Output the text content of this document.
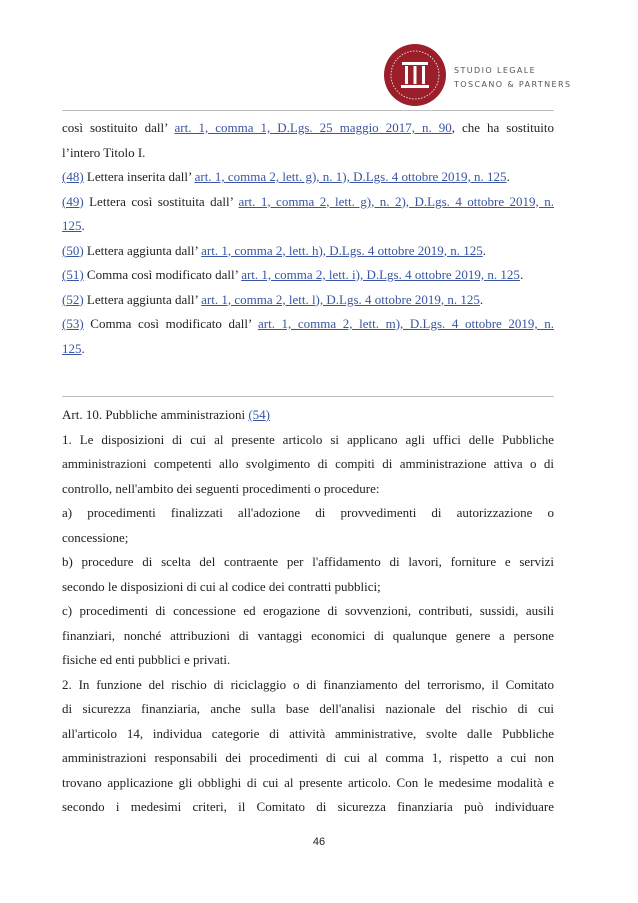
STUDIO LEGALE
TOSCANO & PARTNERS
così sostituito dall’ art. 1, comma 1, D.Lgs. 25 maggio 2017, n. 90, che ha sostituito
l’intero Titolo I.
(48) Lettera inserita dall’ art. 1, comma 2, lett. g), n. 1), D.Lgs. 4 ottobre 2019, n. 125.
(49) Lettera così sostituita dall’ art. 1, comma 2, lett. g), n. 2), D.Lgs. 4 ottobre 2019, n.
125.
(50) Lettera aggiunta dall’ art. 1, comma 2, lett. h), D.Lgs. 4 ottobre 2019, n. 125.
(51) Comma così modificato dall’ art. 1, comma 2, lett. i), D.Lgs. 4 ottobre 2019, n. 125.
(52) Lettera aggiunta dall’ art. 1, comma 2, lett. l), D.Lgs. 4 ottobre 2019, n. 125.
(53) Comma così modificato dall’ art. 1, comma 2, lett. m), D.Lgs. 4 ottobre 2019, n.
125.
Art. 10. Pubbliche amministrazioni (54)
1. Le disposizioni di cui al presente articolo si applicano agli uffici delle Pubbliche
amministrazioni competenti allo svolgimento di compiti di amministrazione attiva o di
controllo, nell'ambito dei seguenti procedimenti o procedure:
a) procedimenti finalizzati all'adozione di provvedimenti di autorizzazione o
concessione;
b) procedure di scelta del contraente per l'affidamento di lavori, forniture e servizi
secondo le disposizioni di cui al codice dei contratti pubblici;
c) procedimenti di concessione ed erogazione di sovvenzioni, contributi, sussidi, ausili
finanziari, nonché attribuzioni di vantaggi economici di qualunque genere a persone
fisiche ed enti pubblici e privati.
2. In funzione del rischio di riciclaggio o di finanziamento del terrorismo, il Comitato
di sicurezza finanziaria, anche sulla base dell'analisi nazionale del rischio di cui
all'articolo 14, individua categorie di attività amministrative, svolte dalle Pubbliche
amministrazioni responsabili dei procedimenti di cui al comma 1, rispetto a cui non
trovano applicazione gli obblighi di cui al presente articolo. Con le medesime modalità e
secondo i medesimi criteri, il Comitato di sicurezza finanziaria può individuare
46
